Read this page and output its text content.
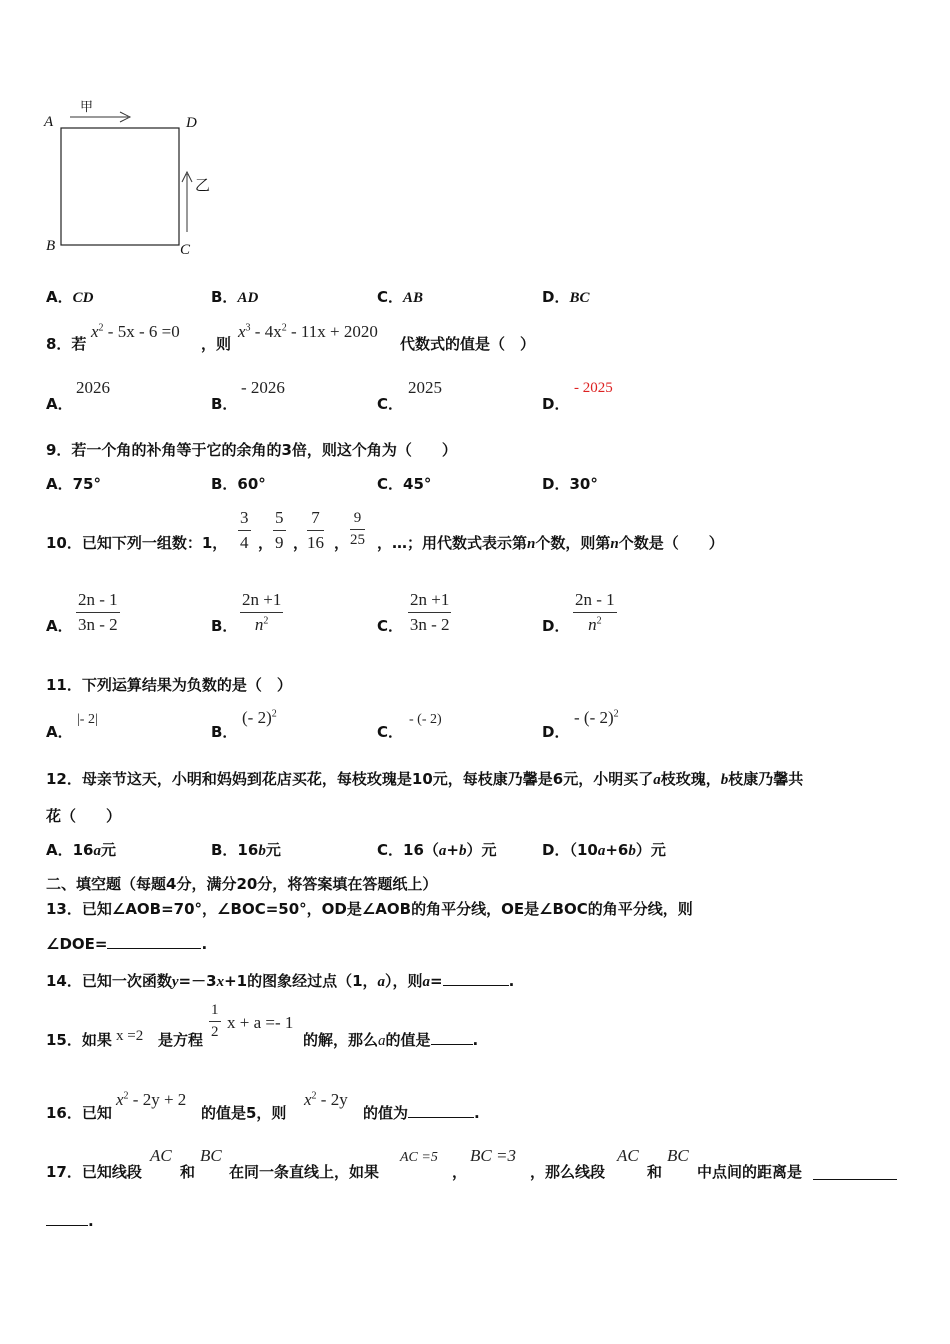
A	D
B	C
甲
乙
A．CD	B．AD	C．AB	D．BC
8．若
$x^2 - 5x - 6 =0$
，则
$x^3 - 4x^2 - 11x + 2020$
代数式的值是（　）
A．
2026
B．
- 2026
C．
2025
D．
- 2025
9．若一个角的补角等于它的余角的3倍，则这个角为（　　）
A．75°	B．60°	C．45°	D．30°
10．已知下列一组数：1， $\frac{3}{4}$ ， $\frac{5}{9}$ ，
$\frac{7}{16}$ ， $\frac{9}{25}$ ，…；用代数式表示第n个数，则第n个数是（　　）
A． $\frac{2n - 1}{3n - 2}$	B． $\frac{2n +1}{n^2}$	C． $\frac{2n +1}{3n - 2}$	D． $\frac{2n - 1}{n^2}$
11．下列运算结果为负数的是（　）
A．
|- 2|
B．
(- 2)$^2$
C．
- (- 2)
D．
- (- 2)$^2$
12．母亲节这天，小明和妈妈到花店买花，每枝玫瑰是10元，每枝康乃馨是6元，小明买了a枝玫瑰，b枝康乃馨共
花（　　）
A．16a元	B．16b元	C．16（a+b）元	D．（10a+6b）元
二、填空题（每题4分，满分20分，将答案填在答题纸上）
13．已知∠AOB=70°，∠BOC=50°，OD是∠AOB的角平分线，OE是∠BOC的角平分线，则
∠DOE=	.
14．已知一次函数y=－3x+1的图象经过点（1，a），则a=	.
15．如果 x =2 是方程 $\frac{1}{2}$ x + a =- 1
的解，那么a的值是	.
16．已知
$x^2 - 2y + 2$
的值是5，则
$x^2 - 2y$
的值为	.
17．已知线段
AC
和
BC
在同一条直线上，如果
AC =5
，
BC =3
，那么线段
AC
和
BC
中点间的距离是
.
